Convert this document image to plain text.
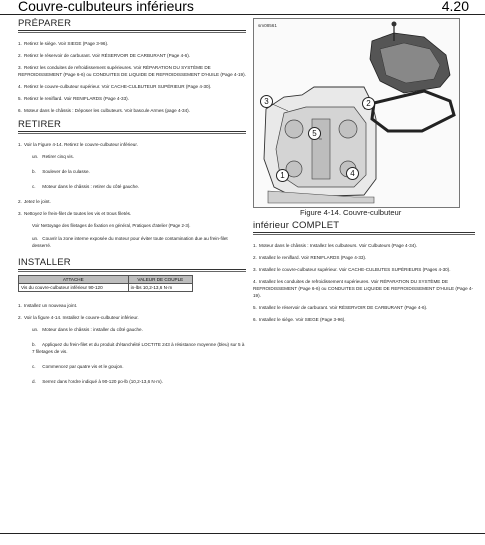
Couvre-culbuteurs inférieurs	4.20
PRÉPARER
1. Retirez le siège. Voir SIEGE (Page 3-96).
2. Retirez le réservoir de carburant. Voir RÉSERVOIR DE CARBURANT (Page 4-6).
3. Retirez les conduites de refroidissement supérieures. Voir RÉPARATION DU SYSTÈME DE REFROIDISSEMENT (Page 6-6) ou CONDUITES DE LIQUIDE DE REFROIDISSEMENT D'HUILE (Page 4-19).
4. Retirez le couvre-culbuteur supérieur. Voir CACHE-CULBUTEUR SUPÉRIEUR (Page 4-30).
5. Retirez le reniflard. Voir RENIFLARDS (Page 4-33).
6. Moteur dans le châssis : Déposer les culbuteurs. Voir bascule Armes (page 4-34).
RETIRER
1. Voir la Figure 4-14. Retirez le couvre-culbuteur inférieur.
un. Retirer cinq vis.
b. Soulever de la culasse.
c. Moteur dans le châssis : retirer du côté gauche.
2. Jetez le joint.
3. Nettoyez le frein-filet de toutes les vis et trous filetés.
Voir Nettoyage des filetages de fixation en général, Pratiques d'atelier (Page 2-3).
un. Couvrir la zone interne exposée du moteur pour éviter toute contamination due au frein-filet desserré.
INSTALLER
ATTACHE	VALEUR DE COUPLE
Vis du couvre-culbuteur inférieur 90-120	in-lbs 10,2-13,6 N·m
1. Installez un nouveau joint.
2. Voir la figure 4-14. Installez le couvre-culbuteur inférieur.
un. Moteur dans le châssis : installer du côté gauche.
b. Appliquez du frein-filet et du produit d'étanchéité LOCTITE 243 à résistance moyenne (bleu) sur 5 à 7 filetages de vis.
c. Commencez par quatre vis et le goujon.
d. Serrez dans l'ordre indiqué à 90-120 po-lb (10,2-13,6 N·m).
sm08561
3	2
5
1	4
Figure 4-14. Couvre-culbuteur
inférieur COMPLET
1. Moteur dans le châssis : Installez les culbuteurs. Voir Culbuteurs (Page 4-34).
2. Installez le reniflard. Voir RENIFLARDS (Page 4-33).
3. Installez le couvre-culbuteur supérieur. Voir CACHE-CULBUTES SUPÉRIEURS (Pages 4-30).
4. Installez les conduites de refroidissement supérieures. Voir RÉPARATION DU SYSTÈME DE REFROIDISSEMENT (Page 6-6) ou CONDUITES DE LIQUIDE DE REFROIDISSEMENT D'HUILE (Page 4-19).
5. Installez le réservoir de carburant. Voir RÉSERVOIR DE CARBURANT (Page 4-6).
6. Installez le siège. Voir SIEGE (Page 3-96).
